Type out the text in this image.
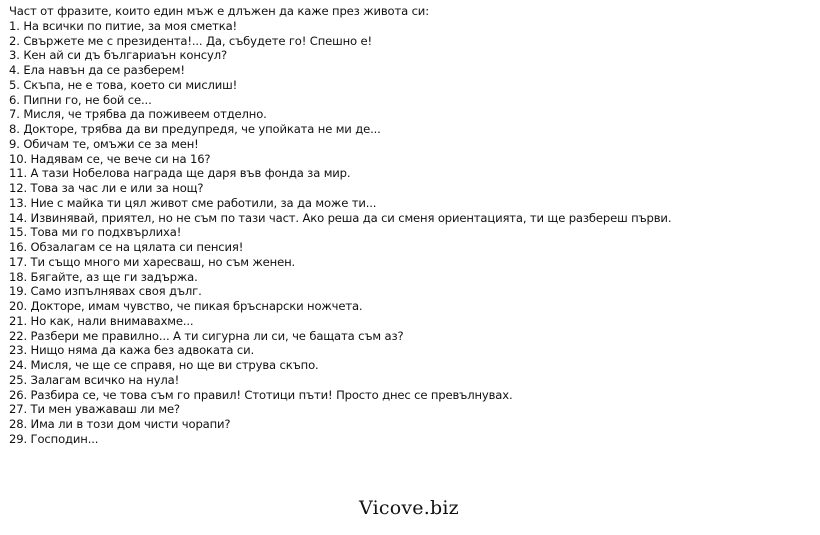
Част от фразите, които един мъж е длъжен да каже през живота си:

1. На всички по питие, за моя сметка!
2. Свържете ме с президента!... Да, събудете го! Спешно е!
3. Кен ай си дъ българиаън консул?
4. Ела навън да се разберем!
5. Скъпа, не е това, което си мислиш!
6. Пипни го, не бой се...
7. Мисля, че трябва да поживеем отделно.
8. Докторе, трябва да ви предупредя, че упойката не ми де...
9. Обичам те, омъжи се за мен!
10. Надявам се, че вече си на 16?
11. А тази Нобелова награда ще даря във фонда за мир.
12. Това за час ли е или за нощ?
13. Ние с майка ти цял живот сме работили, за да може ти...
14. Извинявай, приятел, но не съм по тази част. Ако реша да си сменя ориентацията, ти ще разбереш първи.
15. Това ми го подхвърлиха!
16. Обзалагам се на цялата си пенсия!
17. Ти също много ми харесваш, но съм женен.
18. Бягайте, аз ще ги задържа.
19. Само изпълнявах своя дълг.
20. Докторе, имам чувство, че пикая бръснарски ножчета.
21. Но как, нали внимавахме...
22. Разбери ме правилно... А ти сигурна ли си, че бащата съм аз?
23. Нищо няма да кажа без адвоката си.
24. Мисля, че ще се справя, но ще ви струва скъпо.
25. Залагам всичко на нула!
26. Разбира се, че това съм го правил! Стотици пъти! Просто днес се превълнувах.
27. Ти мен уважаваш ли ме?
28. Има ли в този дом чисти чорапи?
29. Господин...
Vicove.biz
